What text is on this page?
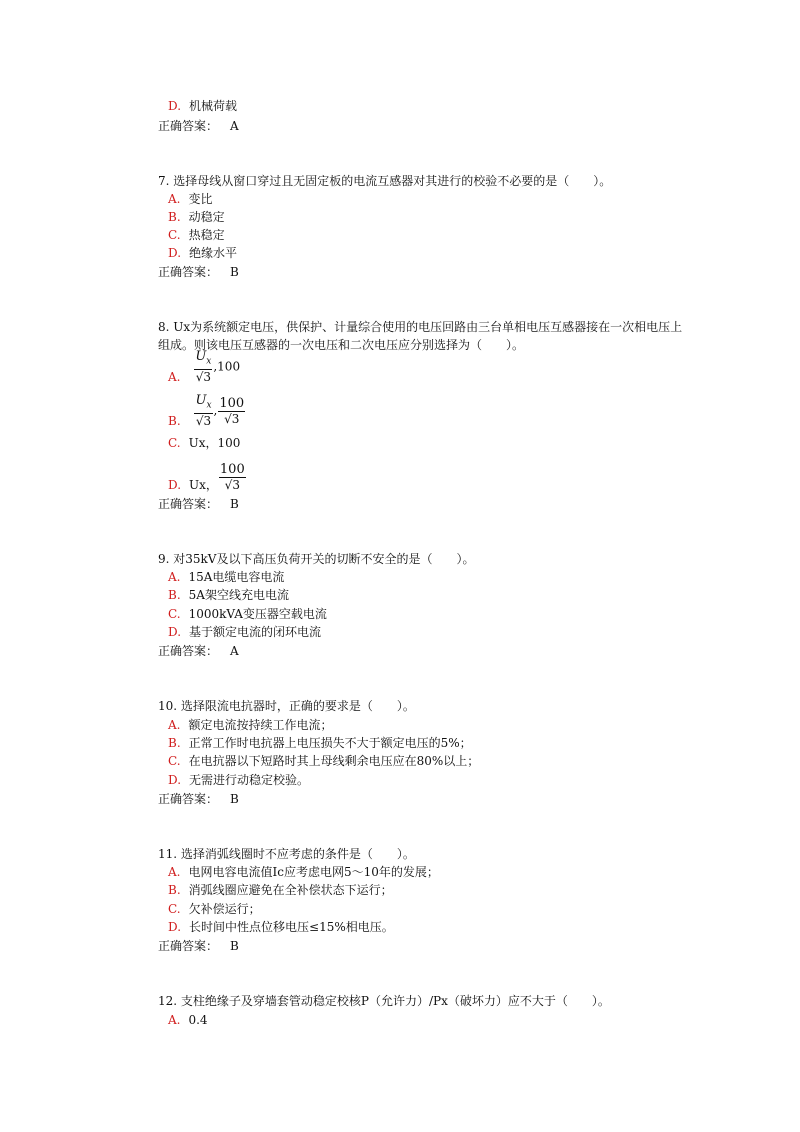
D. 机械荷载
正确答案： A
7. 选择母线从窗口穿过且无固定板的电流互感器对其进行的校验不必要的是（　　）。
A. 变比
B. 动稳定
C. 热稳定
D. 绝缘水平
正确答案： B
8. Ux为系统额定电压，供保护、计量综合使用的电压回路由三台单相电压互感器接在一次相电压上组成。则该电压互感器的一次电压和二次电压应分别选择为（　　）。
A. $\frac{U_x}{√3} ,100$
B. $\frac{U_x}{√3}$ , $\frac{100}{√3}$
C. Ux，100
D. Ux， $\frac{100}{√3}$
正确答案： B
9. 对35kV及以下高压负荷开关的切断不安全的是（　　）。
A. 15A电缆电容电流
B. 5A架空线充电电流
C. 1000kVA变压器空载电流
D. 基于额定电流的闭环电流
正确答案： A
10. 选择限流电抗器时，正确的要求是（　　）。
A. 额定电流按持续工作电流；
B. 正常工作时电抗器上电压损失不大于额定电压的5%；
C. 在电抗器以下短路时其上母线剩余电压应在80%以上；
D. 无需进行动稳定校验。
正确答案： B
11. 选择消弧线圈时不应考虑的条件是（　　）。
A. 电网电容电流值Ic应考虑电网5～10年的发展；
B. 消弧线圈应避免在全补偿状态下运行；
C. 欠补偿运行；
D. 长时间中性点位移电压≤15%相电压。
正确答案： B
12. 支柱绝缘子及穿墙套管动稳定校核P（允许力）/Px（破坏力）应不大于（　　）。
A. 0.4
